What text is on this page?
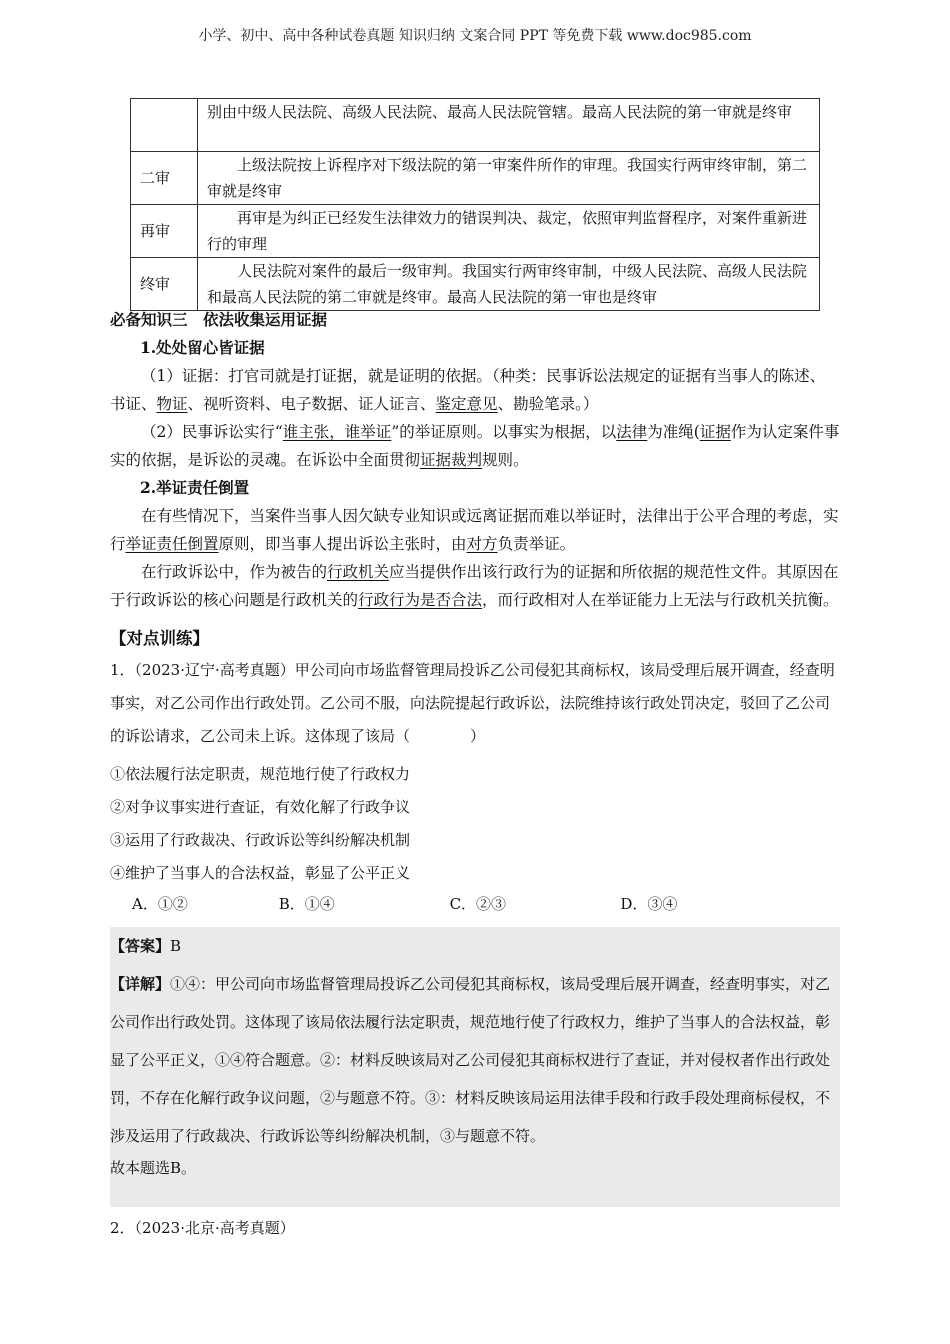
小学、初中、高中各种试卷真题 知识归纳 文案合同 PPT 等免费下载 www.doc985.com
	别由中级人民法院、高级人民法院、最高人民法院管辖。最高人民法院的第一审就是终审
二审	上级法院按上诉程序对下级法院的第一审案件所作的审理。我国实行两审终审制，第二审就是终审
再审	再审是为纠正已经发生法律效力的错误判决、裁定，依照审判监督程序，对案件重新进行的审理
终审	人民法院对案件的最后一级审判。我国实行两审终审制，中级人民法院、高级人民法院和最高人民法院的第二审就是终审。最高人民法院的第一审也是终审
必备知识三　依法收集运用证据
1.处处留心皆证据

（1）证据：打官司就是打证据，就是证明的依据。（种类：民事诉讼法规定的证据有当事人的陈述、书证、物证、视听资料、电子数据、证人证言、鉴定意见、勘验笔录。）

（2）民事诉讼实行“谁主张，谁举证”的举证原则。以事实为根据，以法律为准绳(证据作为认定案件事实的依据，是诉讼的灵魂。在诉讼中全面贯彻证据裁判规则。

2.举证责任倒置

在有些情况下，当案件当事人因欠缺专业知识或远离证据而难以举证时，法律出于公平合理的考虑，实行举证责任倒置原则，即当事人提出诉讼主张时，由对方负责举证。

在行政诉讼中，作为被告的行政机关应当提供作出该行政行为的证据和所依据的规范性文件。其原因在于行政诉讼的核心问题是行政机关的行政行为是否合法，而行政相对人在举证能力上无法与行政机关抗衡。

【对点训练】
1．（2023·辽宁·高考真题）甲公司向市场监督管理局投诉乙公司侵犯其商标权，该局受理后展开调查，经查明事实，对乙公司作出行政处罚。乙公司不服，向法院提起行政诉讼，法院维持该行政处罚决定，驳回了乙公司的诉讼请求，乙公司未上诉。这体现了该局（　　　　）
①依法履行法定职责，规范地行使了行政权力
②对争议事实进行查证，有效化解了行政争议
③运用了行政裁决、行政诉讼等纠纷解决机制
④维护了当事人的合法权益，彰显了公平正义
A．①②	B．①④	C．②③	D．③④

【答案】B

【详解】①④：甲公司向市场监督管理局投诉乙公司侵犯其商标权，该局受理后展开调查，经查明事实，对乙公司作出行政处罚。这体现了该局依法履行法定职责，规范地行使了行政权力，维护了当事人的合法权益，彰显了公平正义，①④符合题意。②：材料反映该局对乙公司侵犯其商标权进行了查证，并对侵权者作出行政处罚，不存在化解行政争议问题，②与题意不符。③：材料反映该局运用法律手段和行政手段处理商标侵权，不涉及运用了行政裁决、行政诉讼等纠纷解决机制，③与题意不符。

故本题选B。

2．（2023·北京·高考真题）
